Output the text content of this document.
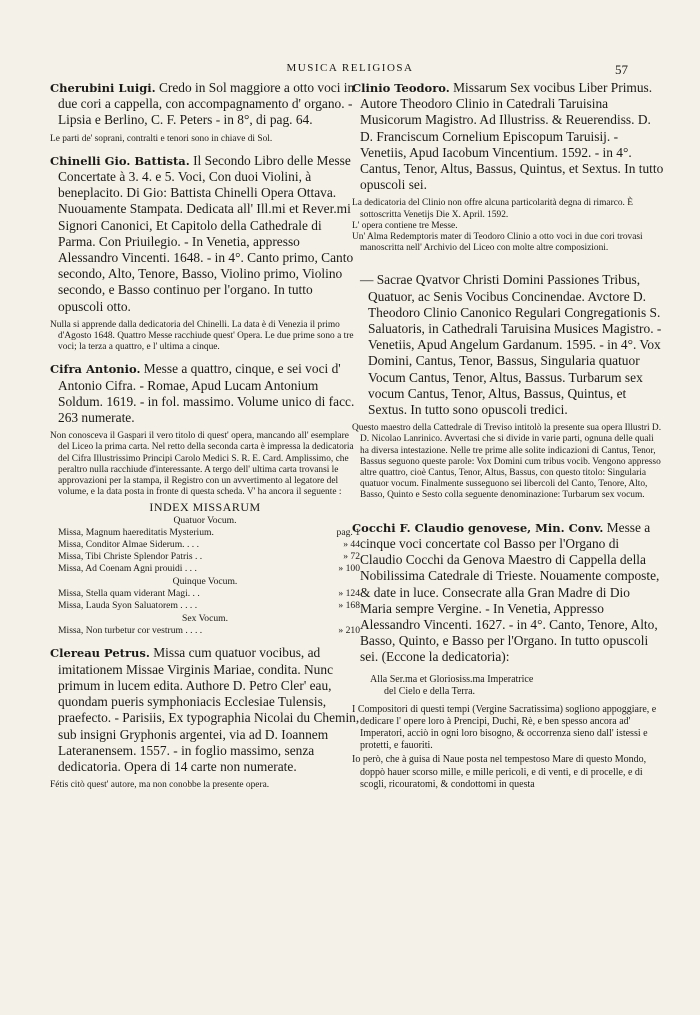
MUSICA RELIGIOSA	57

Cherubini Luigi. Credo in Sol maggiore a otto voci in due cori a cappella, con accompagnamento d' organo. - Lipsia e Berlino, C. F. Peters - in 8°, di pag. 64.

Le parti de' soprani, contralti e tenori sono in chiave di Sol.

Chinelli Gio. Battista. Il Secondo Libro delle Messe Concertate à 3. 4. e 5. Voci, Con duoi Violini, à beneplacito. Di Gio: Battista Chinelli Opera Ottava. Nuouamente Stampata. Dedicata all' Ill.mi et Rever.mi Signori Canonici, Et Capitolo della Cathedrale di Parma. Con Priuilegio. - In Venetia, appresso Alessandro Vincenti. 1648. - in 4°. Canto primo, Canto secondo, Alto, Tenore, Basso, Violino primo, Violino secondo, e Basso continuo per l'organo. In tutto opuscoli otto.

Nulla si apprende dalla dedicatoria del Chinelli. La data è di Venezia il primo d'Agosto 1648. Quattro Messe racchiude quest' Opera. Le due prime sono a tre voci; la terza a quattro, e l' ultima a cinque.

Cifra Antonio. Messe a quattro, cinque, e sei voci d' Antonio Cifra. - Romae, Apud Lucam Antonium Soldum. 1619. - in fol. massimo. Volume unico di facc. 263 numerate.

Non conosceva il Gaspari il vero titolo di quest' opera, mancando all' esemplare del Liceo la prima carta. Nel retto della seconda carta è impressa la dedicatoria del Cifra Illustrissimo Principi Carolo Medici S. R. E. Card. Amplissimo, che peraltro nulla racchiude d'interessante. A tergo dell' ultima carta trovansi le approvazioni per la stampa, il Registro con un avvertimento al legatore del volume, e la data posta in fronte di questa scheda. V' ha ancora il seguente :

INDEX MISSARUM
Quatuor Vocum.
Missa, Magnum haereditatis Mysterium.	pag. 1
Missa, Conditor Almae Siderum. . . .	» 44
Missa, Tibi Christe Splendor Patris . .	» 72
Missa, Ad Coenam Agni prouidi . . .	» 100
Quinque Vocum.
Missa, Stella quam viderant Magi. . .	» 124
Missa, Lauda Syon Saluatorem . . . .	» 168
Sex Vocum.
Missa, Non turbetur cor vestrum . . . .	» 210

Clereau Petrus. Missa cum quatuor vocibus, ad imitationem Missae Virginis Mariae, condita. Nunc primum in lucem edita. Authore D. Petro Cler' eau, quondam pueris symphoniacis Ecclesiae Tulensis, praefecto. - Parisiis, Ex typographia Nicolai du Chemin, sub insigni Gryphonis argentei, via ad D. Ioannem Lateranensem. 1557. - in foglio massimo, senza dedicatoria. Opera di 14 carte non numerate.

Fétis citò quest' autore, ma non conobbe la presente opera.

Clinio Teodoro. Missarum Sex vocibus Liber Primus. Autore Theodoro Clinio in Catedrali Taruisina Musicorum Magistro. Ad Illustriss. & Reuerendiss. D. D. Franciscum Cornelium Episcopum Taruisij. - Venetiis, Apud Iacobum Vincentium. 1592. - in 4°. Cantus, Tenor, Altus, Bassus, Quintus, et Sextus. In tutto opuscoli sei.

La dedicatoria del Clinio non offre alcuna particolarità degna di rimarco. È sottoscritta Venetijs Die X. April. 1592.

L' opera contiene tre Messe.

Un' Alma Redemptoris mater di Teodoro Clinio a otto voci in due cori trovasi manoscritta nell' Archivio del Liceo con molte altre composizioni.

— Sacrae Qvatvor Christi Domini Passiones Tribus, Quatuor, ac Senis Vocibus Concinendae. Avctore D. Theodoro Clinio Canonico Regulari Congregationis S. Saluatoris, in Cathedrali Taruisina Musices Magistro. - Venetiis, Apud Angelum Gardanum. 1595. - in 4°. Vox Domini, Cantus, Tenor, Bassus, Singularia quatuor Vocum Cantus, Tenor, Altus, Bassus. Turbarum sex vocum Cantus, Tenor, Altus, Bassus, Quintus, et Sextus. In tutto sono opuscoli tredici.

Questo maestro della Cattedrale di Treviso intitolò la presente sua opera Illustri D. D. Nicolao Lanrinico. Avvertasi che si divide in varie parti, ognuna delle quali ha diversa intestazione. Nelle tre prime alle solite indicazioni di Cantus, Tenor, Bassus seguono queste parole: Vox Domini cum tribus vocib. Vengono appresso altre quattro, cioè Cantus, Tenor, Altus, Bassus, con questo titolo: Singularia quatuor vocum. Finalmente susseguono sei libercoli del Canto, Tenore, Alto, Basso, Quinto e Sesto colla seguente denominazione: Turbarum sex vocum.

Cocchi F. Claudio genovese, Min. Conv. Messe a cinque voci concertate col Basso per l'Organo di Claudio Cocchi da Genova Maestro di Cappella della Nobilissima Catedrale di Trieste. Nouamente composte, & date in luce. Consecrate alla Gran Madre di Dio Maria sempre Vergine. - In Venetia, Appresso Alessandro Vincenti. 1627. - in 4°. Canto, Tenore, Alto, Basso, Quinto, e Basso per l'Organo. In tutto opuscoli sei. (Eccone la dedicatoria):

Alla Ser.ma et Gloriosiss.ma Imperatrice

del Cielo e della Terra.

I Compositori di questi tempi (Vergine Sacratissima) sogliono appoggiare, e dedicare l' opere loro à Prencipi, Duchi, Rè, e ben spesso ancora ad' Imperatori, acciò in ogni loro bisogno, & occorrenza sieno dall' istessi e protetti, e fauoriti.

Io però, che à guisa di Naue posta nel tempestoso Mare di questo Mondo, doppò hauer scorso mille, e mille pericoli, e di venti, e di procelle, e di scogli, ricouratomi, & condottomi in questa
